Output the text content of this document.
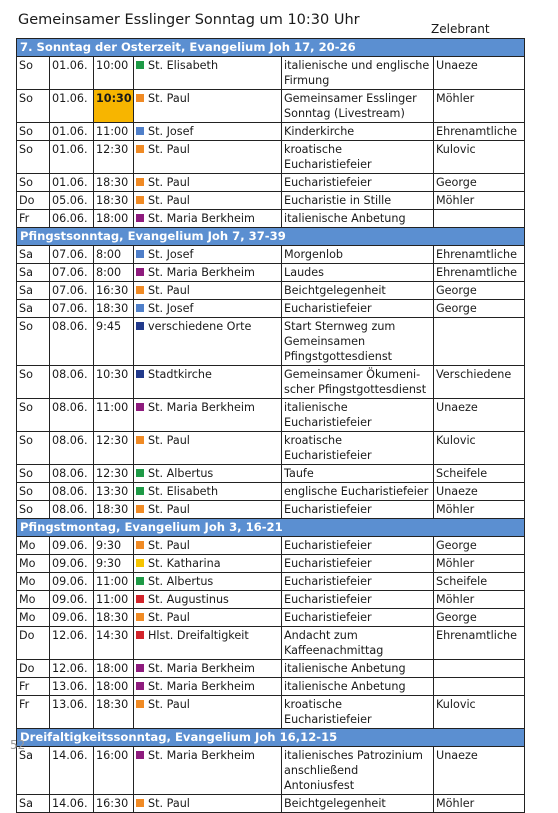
Gemeinsamer Esslinger Sonntag um 10:30 Uhr
Zelebrant
7. Sonntag der Osterzeit, Evangelium Joh 17, 20-26					
So	01.06.	10:00	St. Elisabeth	italienische und englische Firmung	Unaeze
So	01.06.	10:30	St. Paul	Gemeinsamer Esslinger Sonntag (Livestream)	Möhler
So	01.06.	11:00	St. Josef	Kinderkirche	Ehrenamtliche
So	01.06.	12:30	St. Paul	kroatische Eucharistiefeier	Kulovic
So	01.06.	18:30	St. Paul	Eucharistiefeier	George
Do	05.06.	18:30	St. Paul	Eucharistie in Stille	Möhler
Fr	06.06.	18:00	St. Maria Berkheim	italienische Anbetung	
Pfingstsonntag, Evangelium Joh 7, 37-39					
Sa	07.06.	8:00	St. Josef	Morgenlob	Ehrenamtliche
Sa	07.06.	8:00	St. Maria Berkheim	Laudes	Ehrenamtliche
Sa	07.06.	16:30	St. Paul	Beichtgelegenheit	George
Sa	07.06.	18:30	St. Josef	Eucharistiefeier	George
So	08.06.	9:45	verschiedene Orte	Start Sternweg zum Gemeinsamen Pfingstgottesdienst	
So	08.06.	10:30	Stadtkirche	Gemeinsamer Ökumeni-scher Pfingstgottesdienst	Verschiedene
So	08.06.	11:00	St. Maria Berkheim	italienische Eucharistiefeier	Unaeze
So	08.06.	12:30	St. Paul	kroatische Eucharistiefeier	Kulovic
So	08.06.	12:30	St. Albertus	Taufe	Scheifele
So	08.06.	13:30	St. Elisabeth	englische Eucharistiefeier	Unaeze
So	08.06.	18:30	St. Paul	Eucharistiefeier	Möhler
Pfingstmontag, Evangelium Joh 3, 16-21					
Mo	09.06.	9:30	St. Paul	Eucharistiefeier	George
Mo	09.06.	9:30	St. Katharina	Eucharistiefeier	Möhler
Mo	09.06.	11:00	St. Albertus	Eucharistiefeier	Scheifele
Mo	09.06.	11:00	St. Augustinus	Eucharistiefeier	Möhler
Mo	09.06.	18:30	St. Paul	Eucharistiefeier	George
Do	12.06.	14:30	Hlst. Dreifaltigkeit	Andacht zum Kaffeenachmittag	Ehrenamtliche
Do	12.06.	18:00	St. Maria Berkheim	italienische Anbetung	
Fr	13.06.	18:00	St. Maria Berkheim	italienische Anbetung	
Fr	13.06.	18:30	St. Paul	kroatische Eucharistiefeier	Kulovic
Dreifaltigkeitssonntag, Evangelium Joh 16,12-15					
Sa	14.06.	16:00	St. Maria Berkheim	italienisches Patrozinium anschließend Antoniusfest	Unaeze
Sa	14.06.	16:30	St. Paul	Beichtgelegenheit	Möhler
52
